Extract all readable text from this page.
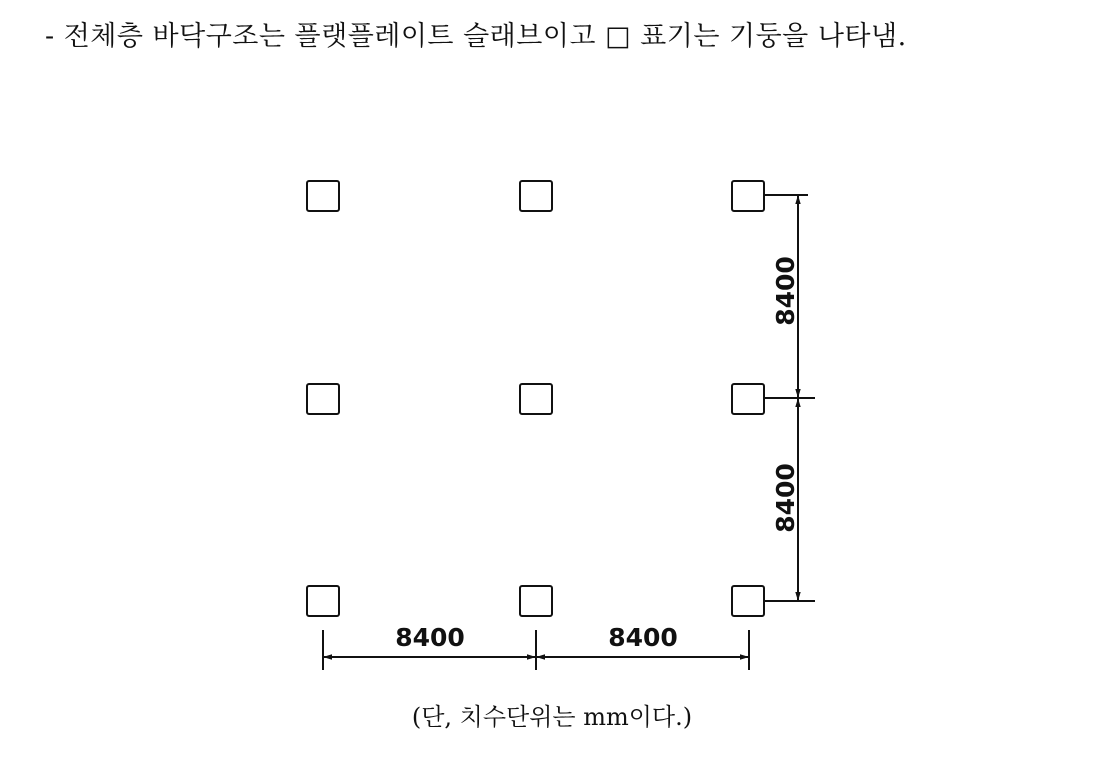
- 전체층 바닥구조는 플랫플레이트 슬래브이고 □ 표기는 기둥을 나타냄.
8400	8400
8400
8400
(단, 치수단위는 mm이다.)
